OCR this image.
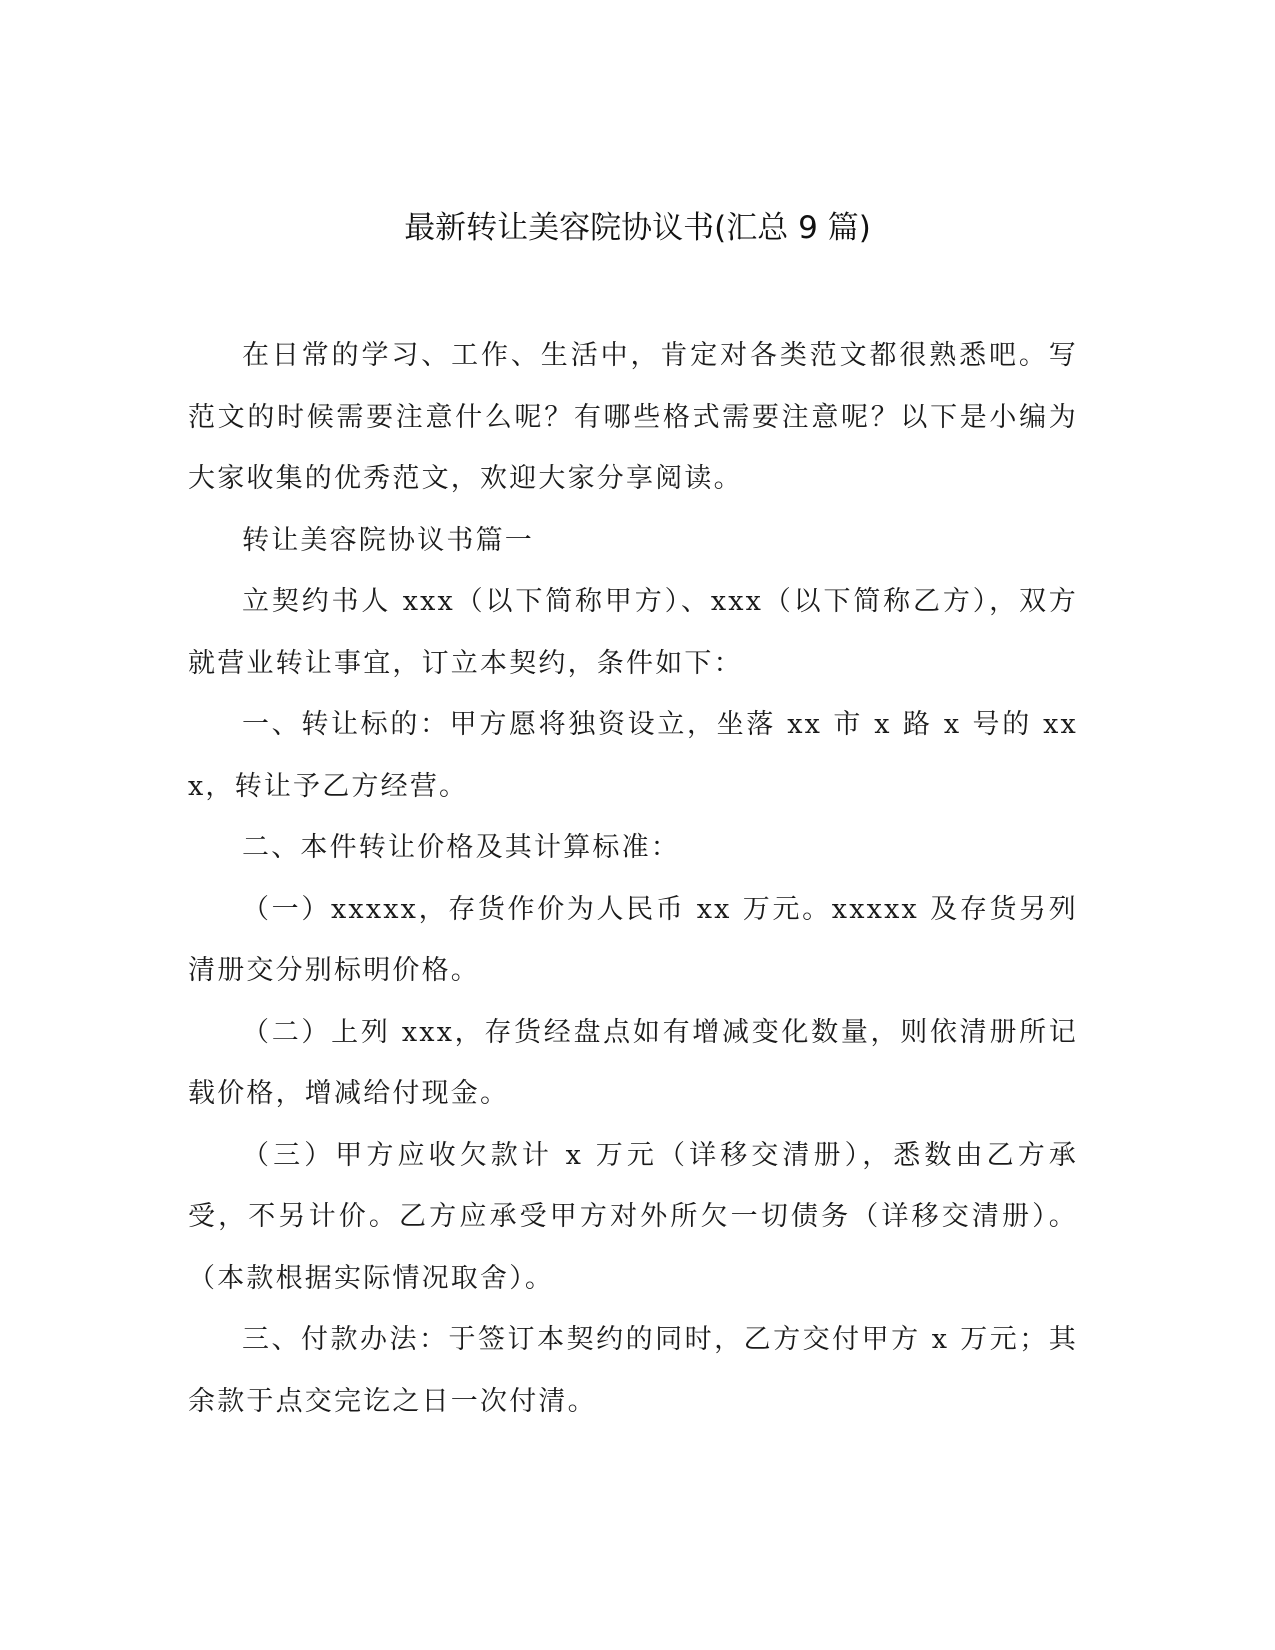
最新转让美容院协议书(汇总 9 篇)

在日常的学习、工作、生活中，肯定对各类范文都很熟悉吧。写范文的时候需要注意什么呢？有哪些格式需要注意呢？以下是小编为大家收集的优秀范文，欢迎大家分享阅读。

转让美容院协议书篇一

立契约书人 xxx（以下简称甲方）、xxx（以下简称乙方），双方就营业转让事宜，订立本契约，条件如下：

一、转让标的：甲方愿将独资设立，坐落 xx 市 x 路 x 号的 xxx，转让予乙方经营。

二、本件转让价格及其计算标准：

（一）xxxxx，存货作价为人民币 xx 万元。xxxxx 及存货另列清册交分别标明价格。

（二）上列 xxx，存货经盘点如有增减变化数量，则依清册所记载价格，增减给付现金。

（三）甲方应收欠款计 x 万元（详移交清册），悉数由乙方承受，不另计价。乙方应承受甲方对外所欠一切债务（详移交清册）。（本款根据实际情况取舍）。

三、付款办法：于签订本契约的同时，乙方交付甲方 x 万元；其余款于点交完讫之日一次付清。
